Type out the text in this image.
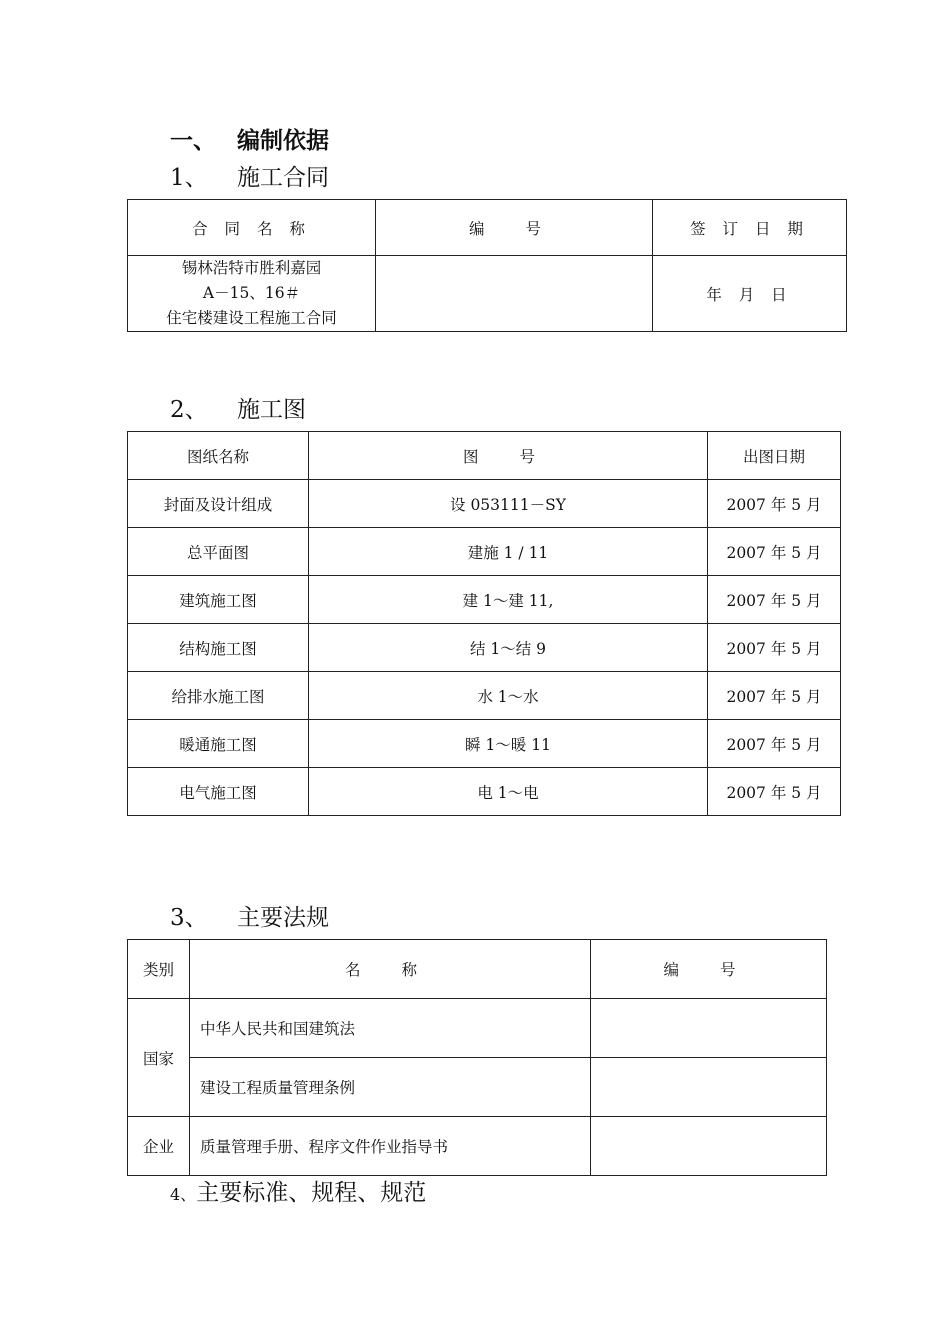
一、 编制依据
1、 施工合同
合 同 名 称	编 号	签 订 日 期

锡林浩特市胜利嘉园
A－15、16＃
住宅楼建设工程施工合同		年 月 日
2、 施工图
图纸名称	图 号	出图日期
封面及设计组成	设 053111－SY	2007 年 5 月
总平面图	建施 1 / 11	2007 年 5 月
建筑施工图	建 1～建 11,	2007 年 5 月
结构施工图	结 1～结 9	2007 年 5 月
给排水施工图	水 1～水	2007 年 5 月
暖通施工图	瞬 1～暖 11	2007 年 5 月
电气施工图	电 1～电	2007 年 5 月
3、 主要法规
类别	名 称	编 号
国家	中华人民共和国建筑法	
	建设工程质量管理条例	
企业	质量管理手册、程序文件作业指导书	
4、主要标准、规程、规范
